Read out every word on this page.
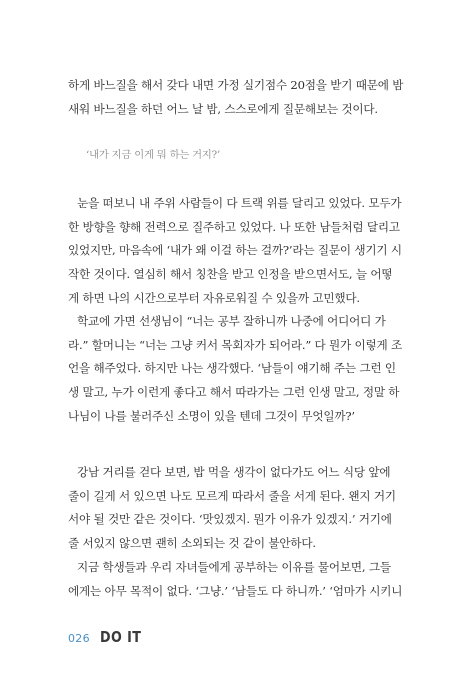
하게 바느질을 해서 갖다 내면 가정 실기점수 20점을 받기 때문에 밤
새워 바느질을 하던 어느 날 밤, 스스로에게 질문해보는 것이다.
‘내가 지금 이게 뭐 하는 거지?’
눈을 떠보니 내 주위 사람들이 다 트랙 위를 달리고 있었다. 모두가
한 방향을 향해 전력으로 질주하고 있었다. 나 또한 남들처럼 달리고
있었지만, 마음속에 ‘내가 왜 이걸 하는 걸까?’라는 질문이 생기기 시
작한 것이다. 열심히 해서 칭찬을 받고 인정을 받으면서도, 늘 어떻
게 하면 나의 시간으로부터 자유로워질 수 있을까 고민했다.
학교에 가면 선생님이 “너는 공부 잘하니까 나중에 어디어디 가
라.” 할머니는 “너는 그냥 커서 목회자가 되어라.” 다 뭔가 이렇게 조
언을 해주었다. 하지만 나는 생각했다. ‘남들이 얘기해 주는 그런 인
생 말고, 누가 이런게 좋다고 해서 따라가는 그런 인생 말고, 정말 하
나님이 나를 불러주신 소명이 있을 텐데 그것이 무엇일까?’
강남 거리를 걷다 보면, 밥 먹을 생각이 없다가도 어느 식당 앞에
줄이 길게 서 있으면 나도 모르게 따라서 줄을 서게 된다. 왠지 거기
서야 될 것만 같은 것이다. ‘맛있겠지. 뭔가 이유가 있겠지.’ 거기에
줄 서있지 않으면 괜히 소외되는 것 같이 불안하다.
지금 학생들과 우리 자녀들에게 공부하는 이유를 물어보면, 그들
에게는 아무 목적이 없다. ‘그냥.’ ‘남들도 다 하니까.’ ‘엄마가 시키니
026 DO IT
